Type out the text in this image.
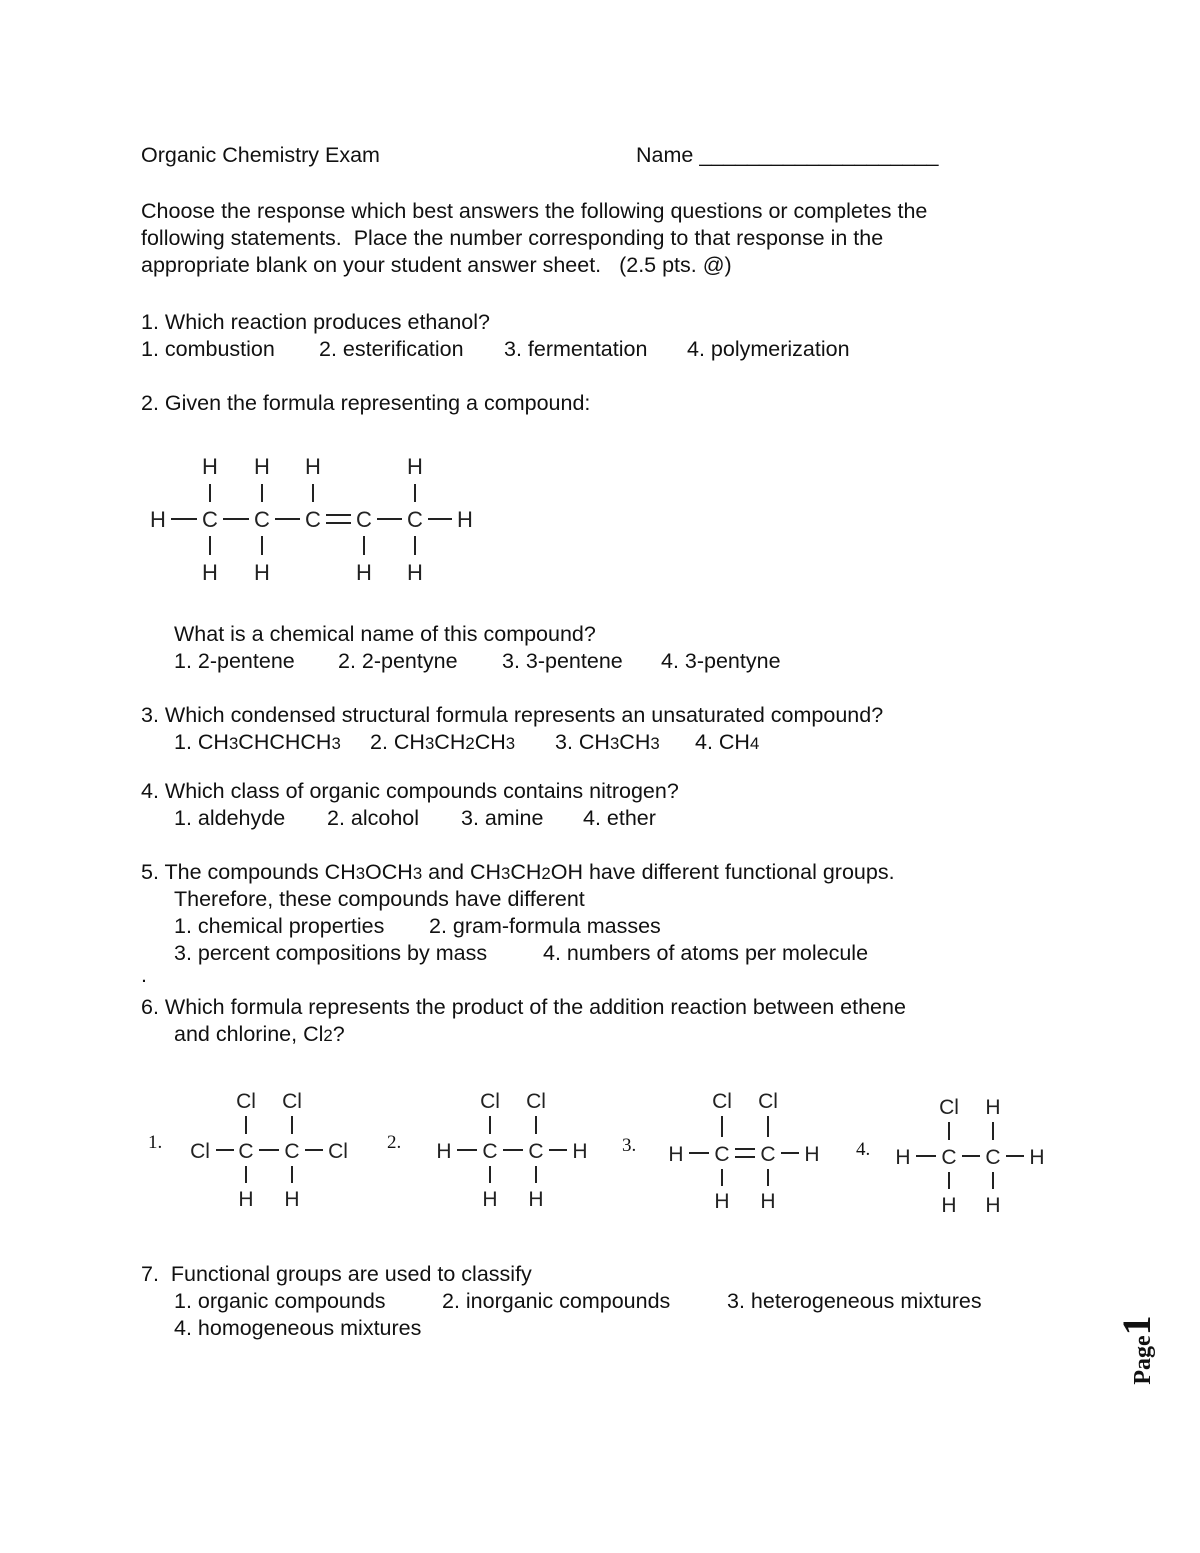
Organic Chemistry Exam	Name ____________________
Choose the response which best answers the following questions or completes the
following statements.  Place the number corresponding to that response in the
appropriate blank on your student answer sheet.   (2.5 pts. @)
1. Which reaction produces ethanol?
1. combustion 2. esterification 3. fermentation 4. polymerization
2. Given the formula representing a compound:
H H H	H
H C C C C C H
H H	H H
What is a chemical name of this compound?
1. 2-pentene 2. 2-pentyne 3. 3-pentene 4. 3-pentyne
3. Which condensed structural formula represents an unsaturated compound?
1. CH3CHCHCH3 2. CH3CH2CH3 3. CH3CH3 4. CH4
4. Which class of organic compounds contains nitrogen?
1. aldehyde 2. alcohol 3. amine 4. ether
5. The compounds CH3OCH3 and CH3CH2OH have different functional groups.
Therefore, these compounds have different
1. chemical properties 2. gram-formula masses
3. percent compositions by mass	4. numbers of atoms per molecule
.
6. Which formula represents the product of the addition reaction between ethene
and chlorine, Cl2?
1.	2.	3.	4.
Cl Cl
Cl C C Cl
H H
Cl Cl
H C C H
H H
Cl Cl
H C C H
H H
Cl H
H C C H
H H
7.  Functional groups are used to classify
1. organic compounds	2. inorganic compounds	3. heterogeneous mixtures
4. homogeneous mixtures
Page1
